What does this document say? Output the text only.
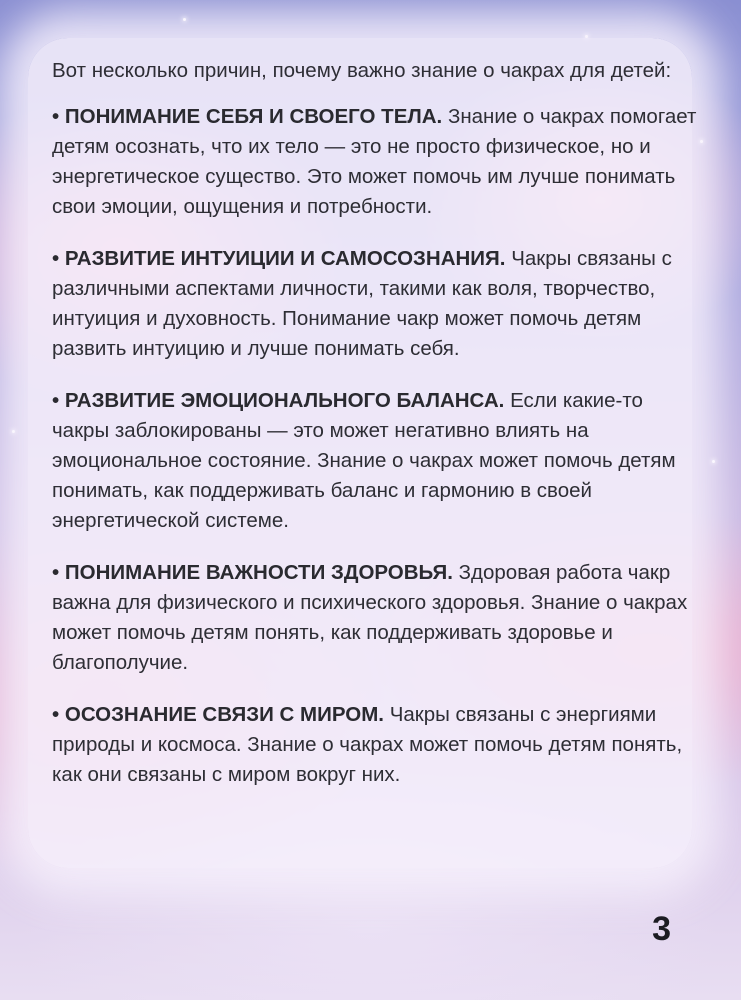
Вот несколько причин, почему важно знание о чакрах для детей:

• ПОНИМАНИЕ СЕБЯ И СВОЕГО ТЕЛА. Знание о чакрах помогает детям осознать, что их тело — это не просто физическое, но и энергетическое существо. Это может помочь им лучше понимать свои эмоции, ощущения и потребности.

• РАЗВИТИЕ ИНТУИЦИИ И САМОСОЗНАНИЯ. Чакры связаны с различными аспектами личности, такими как воля, творчество, интуиция и духовность. Понимание чакр может помочь детям развить интуицию и лучше понимать себя.

• РАЗВИТИЕ ЭМОЦИОНАЛЬНОГО БАЛАНСА. Если какие-то чакры заблокированы — это может негативно влиять на эмоциональное состояние. Знание о чакрах может помочь детям понимать, как поддерживать баланс и гармонию в своей энергетической системе.

• ПОНИМАНИЕ ВАЖНОСТИ ЗДОРОВЬЯ. Здоровая работа чакр важна для физического и психического здоровья. Знание о чакрах может помочь детям понять, как поддерживать здоровье и благополучие.

• ОСОЗНАНИЕ СВЯЗИ С МИРОМ. Чакры связаны с энергиями природы и космоса. Знание о чакрах может помочь детям понять, как они связаны с миром вокруг них.

3
